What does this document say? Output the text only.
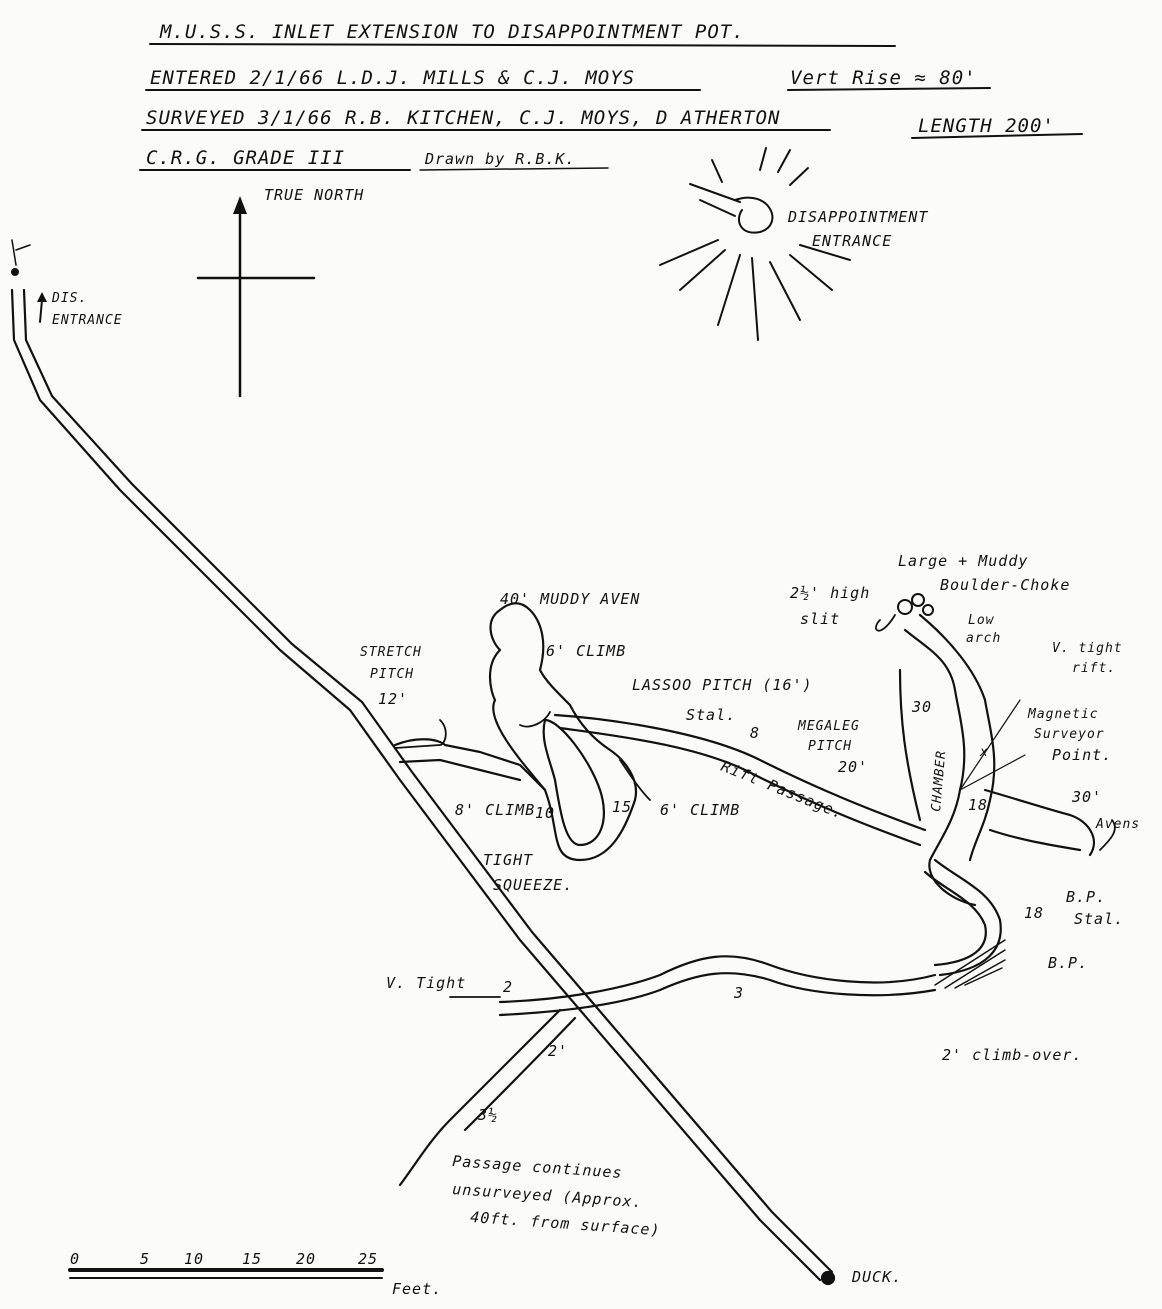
M.U.S.S. INLET EXTENSION TO DISAPPOINTMENT POT.
ENTERED 2/1/66 L.D.J. MILLS & C.J. MOYS	Vert Rise ≈ 80'
SURVEYED 3/1/66 R.B. KITCHEN, C.J. MOYS, D ATHERTON	LENGTH 200'
C.R.G. GRADE III	Drawn by R.B.K.
TRUE NORTH
DISAPPOINTMENT
ENTRANCE
DIS.
ENTRANCE
STRETCH
PITCH
12'
40' MUDDY AVEN
6' CLIMB
LASSOO PITCH (16')
Stal.
8' CLIMB	6' CLIMB
TIGHT
SQUEEZE.
Rift Passage.
MEGALEG
PITCH
20'	CHAMBER
Large + Muddy
Boulder-Choke
2½' high
slit	Low
arch
V. tight
rift.
Magnetic
Surveyor
Point.
30'
Avens
B.P.
Stal.
B.P.
2' climb-over.
V. Tight
DUCK.
Passage continues
unsurveyed (Approx.
40ft. from surface)
10	15
8
30
18
18
2
2'
3
3½
x
0	5 10	15 20	25
Feet.
